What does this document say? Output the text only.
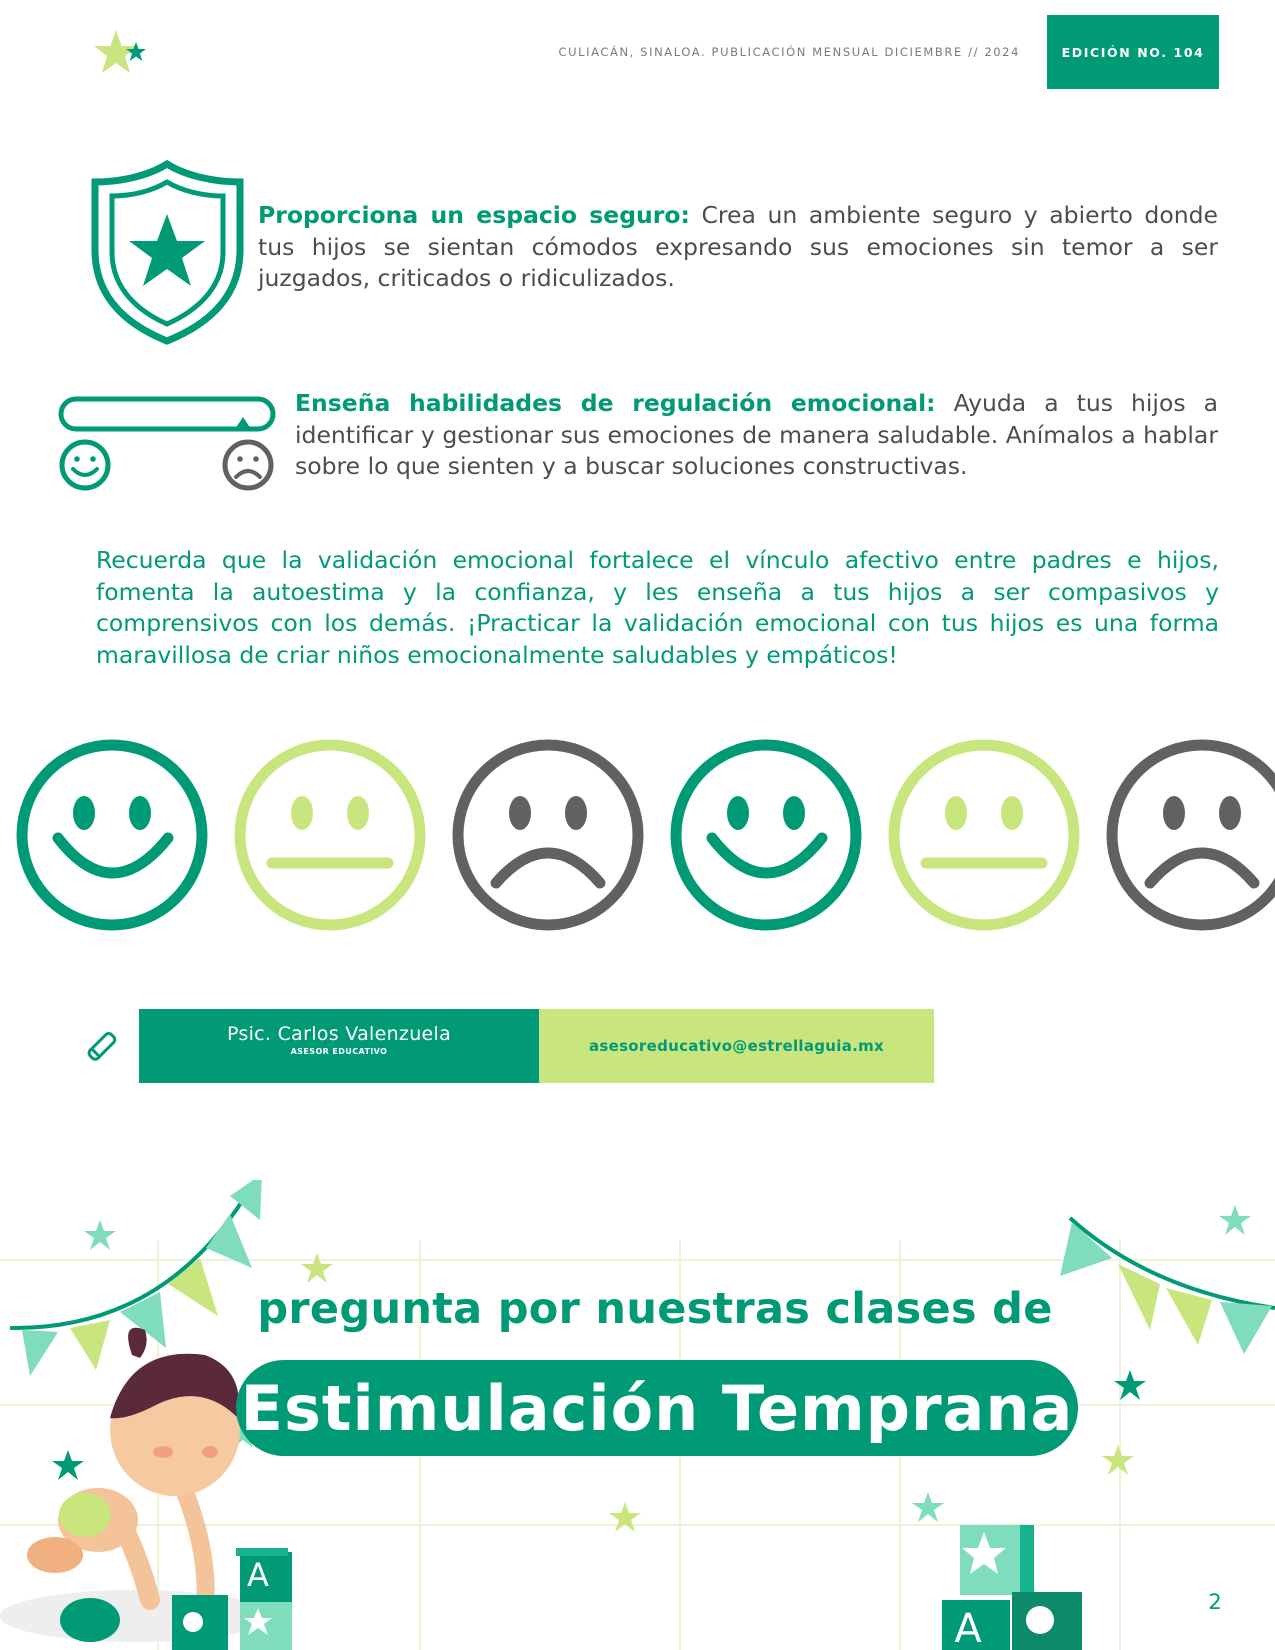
CULIACÁN, SINALOA. PUBLICACIÓN MENSUAL DICIEMBRE // 2024	EDICIÓN NO. 104
Proporciona un espacio seguro: Crea un ambiente seguro y abierto donde tus hijos se sientan cómodos expresando sus emociones sin temor a ser juzgados, criticados o ridiculizados.
Enseña habilidades de regulación emocional: Ayuda a tus hijos a identificar y gestionar sus emociones de manera saludable. Anímalos a hablar sobre lo que sienten y a buscar soluciones constructivas.
Recuerda que la validación emocional fortalece el vínculo afectivo entre padres e hijos, fomenta la autoestima y la confianza, y les enseña a tus hijos a ser compasivos y comprensivos con los demás. ¡Practicar la validación emocional con tus hijos es una forma maravillosa de criar niños emocionalmente saludables y empáticos!
Psic. Carlos Valenzuela
ASESOR EDUCATIVO	asesoreducativo@estrellaguia.mx
A
A
pregunta por nuestras clases de
Estimulación Temprana
2
